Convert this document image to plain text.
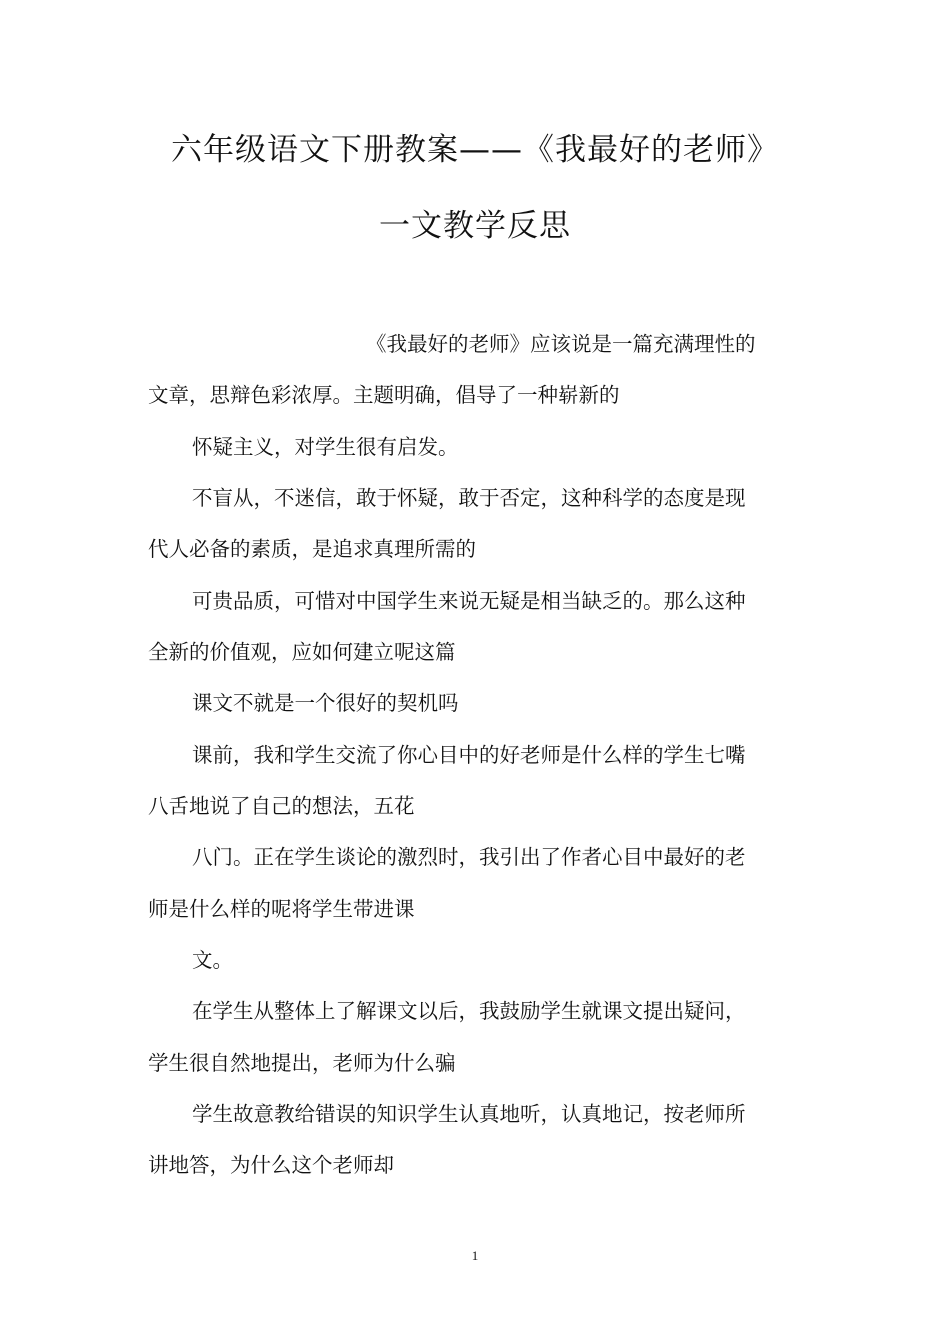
六年级语文下册教案——《我最好的老师》
一文教学反思
《我最好的老师》应该说是一篇充满理性的
文章，思辩色彩浓厚。主题明确，倡导了一种崭新的
怀疑主义，对学生很有启发。
不盲从，不迷信，敢于怀疑，敢于否定，这种科学的态度是现
代人必备的素质，是追求真理所需的
可贵品质，可惜对中国学生来说无疑是相当缺乏的。那么这种
全新的价值观，应如何建立呢这篇
课文不就是一个很好的契机吗
课前，我和学生交流了你心目中的好老师是什么样的学生七嘴
八舌地说了自己的想法，五花
八门。正在学生谈论的激烈时，我引出了作者心目中最好的老
师是什么样的呢将学生带进课
文。
在学生从整体上了解课文以后，我鼓励学生就课文提出疑问，
学生很自然地提出，老师为什么骗
学生故意教给错误的知识学生认真地听，认真地记，按老师所
讲地答，为什么这个老师却
1
